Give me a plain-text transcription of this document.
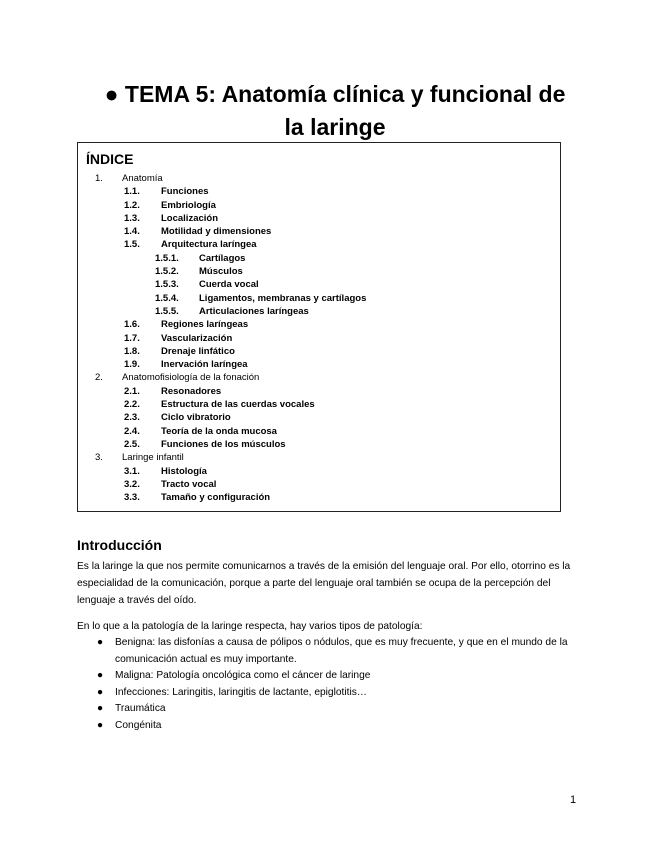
● TEMA 5: Anatomía clínica y funcional de la laringe
ÍNDICE
1. Anatomía
1.1. Funciones
1.2. Embriología
1.3. Localización
1.4. Motilidad y dimensiones
1.5. Arquitectura laríngea
1.5.1. Cartílagos
1.5.2. Músculos
1.5.3. Cuerda vocal
1.5.4. Ligamentos, membranas y cartílagos
1.5.5. Articulaciones laríngeas
1.6. Regiones laríngeas
1.7. Vascularización
1.8. Drenaje linfático
1.9. Inervación laríngea
2. Anatomofisiología de la fonación
2.1. Resonadores
2.2. Estructura de las cuerdas vocales
2.3. Ciclo vibratorio
2.4. Teoría de la onda mucosa
2.5. Funciones de los músculos
3. Laringe infantil
3.1. Histología
3.2. Tracto vocal
3.3. Tamaño y configuración
Introducción
Es la laringe la que nos permite comunicarnos a través de la emisión del lenguaje oral. Por ello, otorrino es la especialidad de la comunicación, porque a parte del lenguaje oral también se ocupa de la percepción del lenguaje a través del oído.
En lo que a la patología de la laringe respecta, hay varios tipos de patología:
● Benigna: las disfonías a causa de pólipos o nódulos, que es muy frecuente, y que en el mundo de la comunicación actual es muy importante.
● Maligna: Patología oncológica como el cáncer de laringe
● Infecciones: Laringitis, laringitis de lactante, epiglotitis…
● Traumática
● Congénita
1
